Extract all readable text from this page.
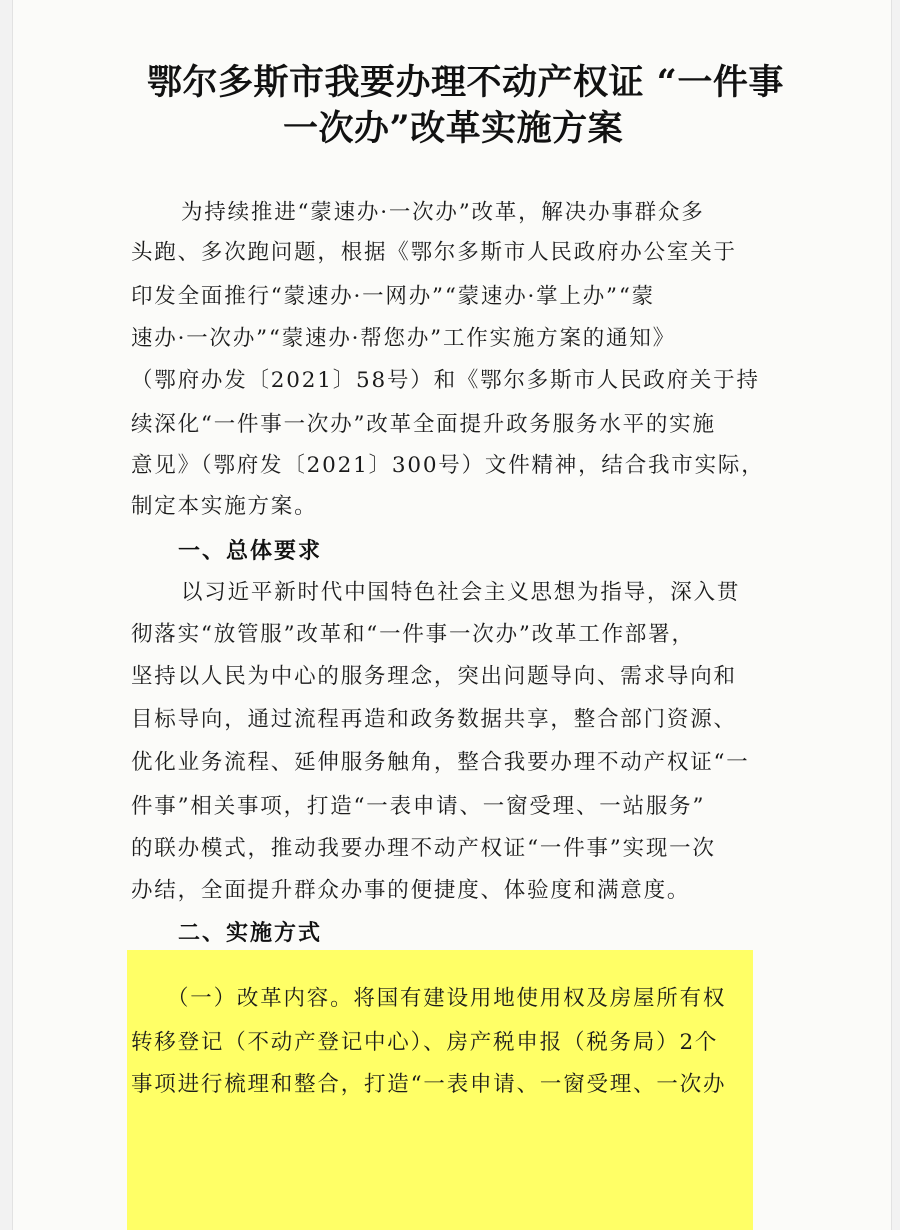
鄂尔多斯市我要办理不动产权证 “一件事
一次办”改革实施方案

为持续推进“蒙速办·一次办”改革，解决办事群众多

头跑、多次跑问题，根据《鄂尔多斯市人民政府办公室关于

印发全面推行“蒙速办·一网办”“蒙速办·掌上办”“蒙

速办·一次办”“蒙速办·帮您办”工作实施方案的通知》

（鄂府办发〔2021〕58号）和《鄂尔多斯市人民政府关于持

续深化“一件事一次办”改革全面提升政务服务水平的实施

意见》（鄂府发〔2021〕300号）文件精神，结合我市实际，

制定本实施方案。

一、总体要求

以习近平新时代中国特色社会主义思想为指导，深入贯

彻落实“放管服”改革和“一件事一次办”改革工作部署，

坚持以人民为中心的服务理念，突出问题导向、需求导向和

目标导向，通过流程再造和政务数据共享，整合部门资源、

优化业务流程、延伸服务触角，整合我要办理不动产权证“一

件事”相关事项，打造“一表申请、一窗受理、一站服务”

的联办模式，推动我要办理不动产权证“一件事”实现一次

办结，全面提升群众办事的便捷度、体验度和满意度。

二、实施方式

（一）改革内容。将国有建设用地使用权及房屋所有权

转移登记（不动产登记中心）、房产税申报（税务局）2个

事项进行梳理和整合，打造“一表申请、一窗受理、一次办
